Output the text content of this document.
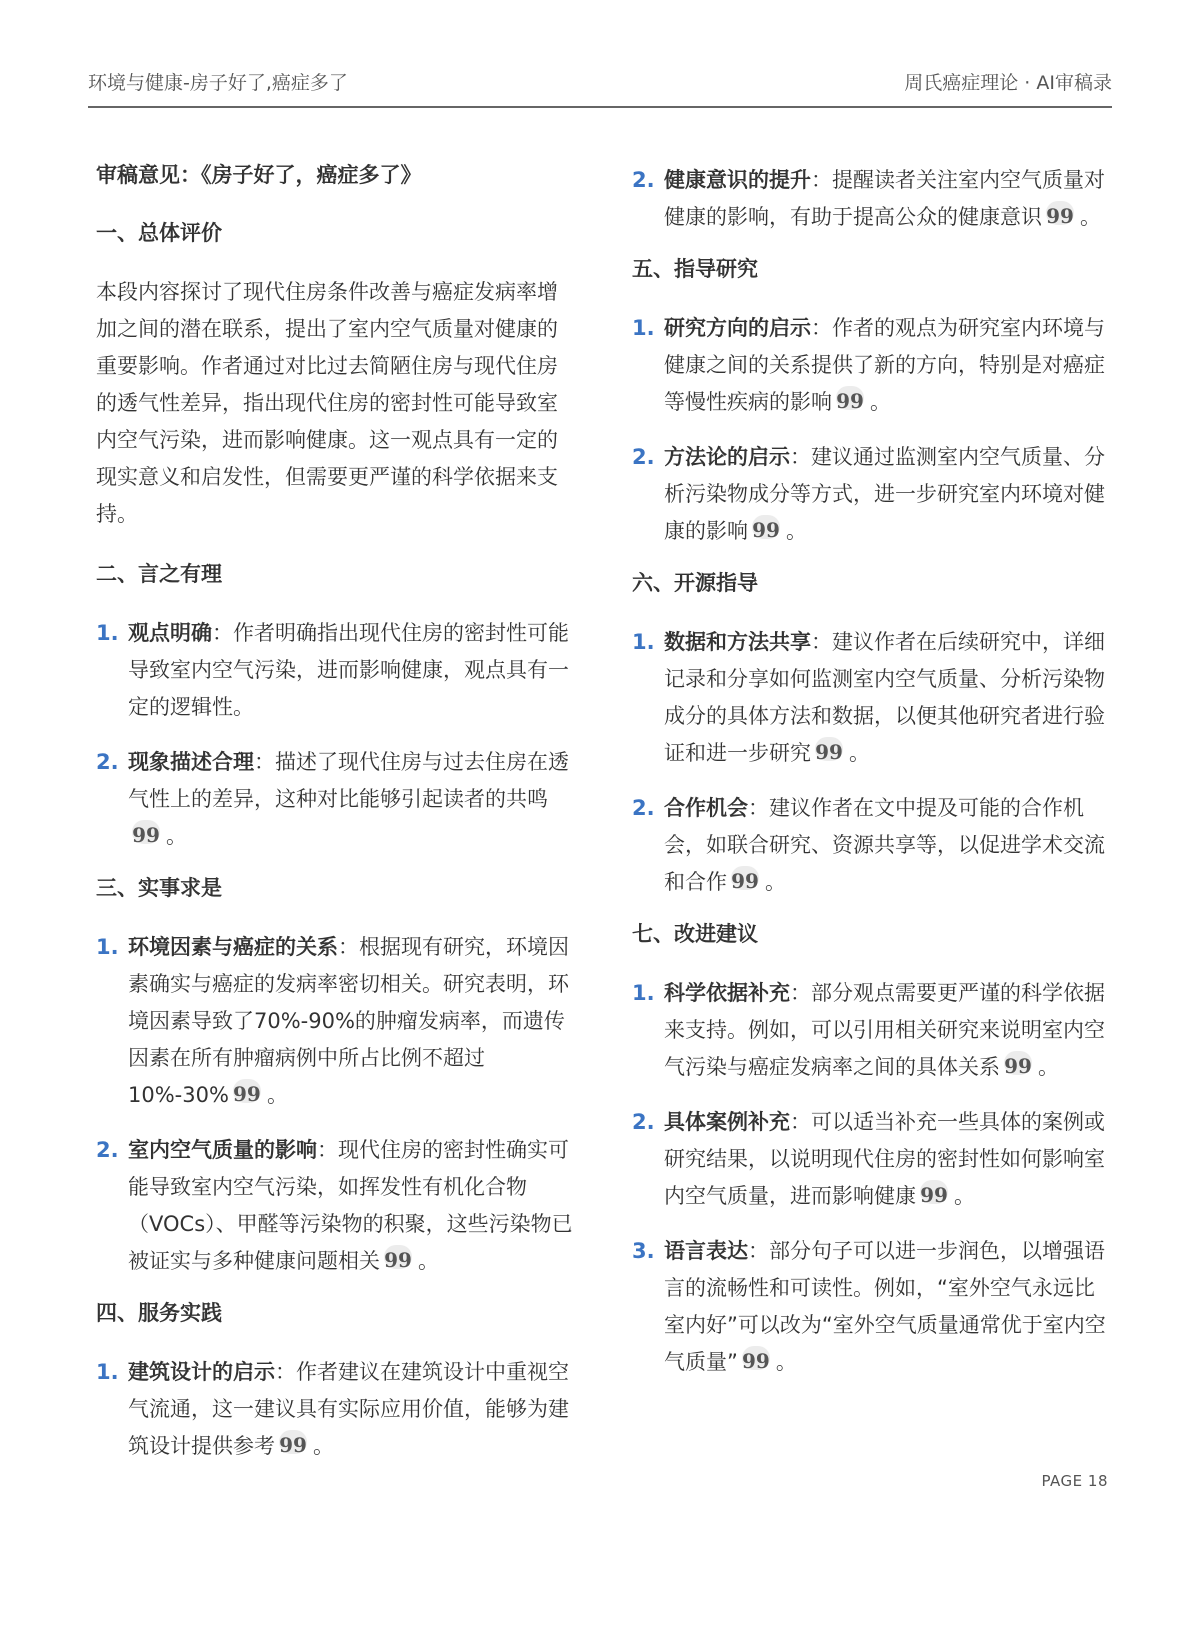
环境与健康-房子好了,癌症多了	周氏癌症理论 · AI审稿录
审稿意见：《房子好了，癌症多了》
一、总体评价
本段内容探讨了现代住房条件改善与癌症发病率增加之间的潜在联系，提出了室内空气质量对健康的重要影响。作者通过对比过去简陋住房与现代住房的透气性差异，指出现代住房的密封性可能导致室内空气污染，进而影响健康。这一观点具有一定的现实意义和启发性，但需要更严谨的科学依据来支持。
二、言之有理
1. 观点明确：作者明确指出现代住房的密封性可能导致室内空气污染，进而影响健康，观点具有一定的逻辑性。
2. 现象描述合理：描述了现代住房与过去住房在透气性上的差异，这种对比能够引起读者的共鸣99 。
三、实事求是
1. 环境因素与癌症的关系：根据现有研究，环境因素确实与癌症的发病率密切相关。研究表明，环境因素导致了70%-90%的肿瘤发病率，而遗传因素在所有肿瘤病例中所占比例不超过10%-30% 99 。
2. 室内空气质量的影响：现代住房的密封性确实可能导致室内空气污染，如挥发性有机化合物（VOCs）、甲醛等污染物的积聚，这些污染物已被证实与多种健康问题相关 99 。
四、服务实践
1. 建筑设计的启示：作者建议在建筑设计中重视空气流通，这一建议具有实际应用价值，能够为建筑设计提供参考 99 。
2. 健康意识的提升：提醒读者关注室内空气质量对健康的影响，有助于提高公众的健康意识 99 。
五、指导研究
1. 研究方向的启示：作者的观点为研究室内环境与健康之间的关系提供了新的方向，特别是对癌症等慢性疾病的影响 99 。
2. 方法论的启示：建议通过监测室内空气质量、分析污染物成分等方式，进一步研究室内环境对健康的影响 99 。
六、开源指导
1. 数据和方法共享：建议作者在后续研究中，详细记录和分享如何监测室内空气质量、分析污染物成分的具体方法和数据，以便其他研究者进行验证和进一步研究 99 。
2. 合作机会：建议作者在文中提及可能的合作机会，如联合研究、资源共享等，以促进学术交流和合作 99 。
七、改进建议
1. 科学依据补充：部分观点需要更严谨的科学依据来支持。例如，可以引用相关研究来说明室内空气污染与癌症发病率之间的具体关系 99 。
2. 具体案例补充：可以适当补充一些具体的案例或研究结果，以说明现代住房的密封性如何影响室内空气质量，进而影响健康 99 。
3. 语言表达：部分句子可以进一步润色，以增强语言的流畅性和可读性。例如，“室外空气永远比室内好”可以改为“室外空气质量通常优于室内空气质量” 99 。
PAGE 18
